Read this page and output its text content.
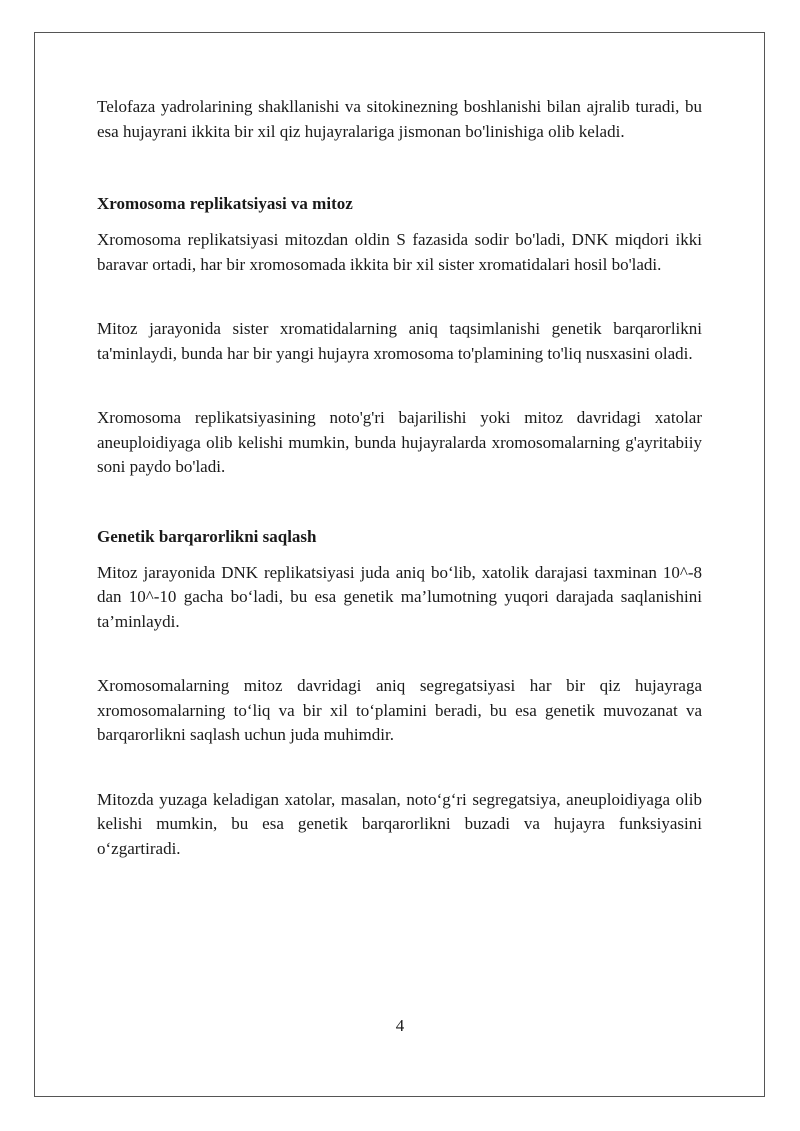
Telofaza yadrolarining shakllanishi va sitokinezning boshlanishi bilan ajralib turadi, bu esa hujayrani ikkita bir xil qiz hujayralariga jismonan bo'linishiga olib keladi.

Xromosoma replikatsiyasi va mitoz

Xromosoma replikatsiyasi mitozdan oldin S fazasida sodir bo'ladi, DNK miqdori ikki baravar ortadi, har bir xromosomada ikkita bir xil sister xromatidalari hosil bo'ladi.

Mitoz jarayonida sister xromatidalarning aniq taqsimlanishi genetik barqarorlikni ta'minlaydi, bunda har bir yangi hujayra xromosoma to'plamining to'liq nusxasini oladi.

Xromosoma replikatsiyasining noto'g'ri bajarilishi yoki mitoz davridagi xatolar aneuploidiyaga olib kelishi mumkin, bunda hujayralarda xromosomalarning g'ayritabiiy soni paydo bo'ladi.

Genetik barqarorlikni saqlash

Mitoz jarayonida DNK replikatsiyasi juda aniq bo‘lib, xatolik darajasi taxminan 10^-8 dan 10^-10 gacha bo‘ladi, bu esa genetik ma’lumotning yuqori darajada saqlanishini ta’minlaydi.

Xromosomalarning mitoz davridagi aniq segregatsiyasi har bir qiz hujayraga xromosomalarning to‘liq va bir xil to‘plamini beradi, bu esa genetik muvozanat va barqarorlikni saqlash uchun juda muhimdir.

Mitozda yuzaga keladigan xatolar, masalan, noto‘g‘ri segregatsiya, aneuploidiyaga olib kelishi mumkin, bu esa genetik barqarorlikni buzadi va hujayra funksiyasini o‘zgartiradi.

4
